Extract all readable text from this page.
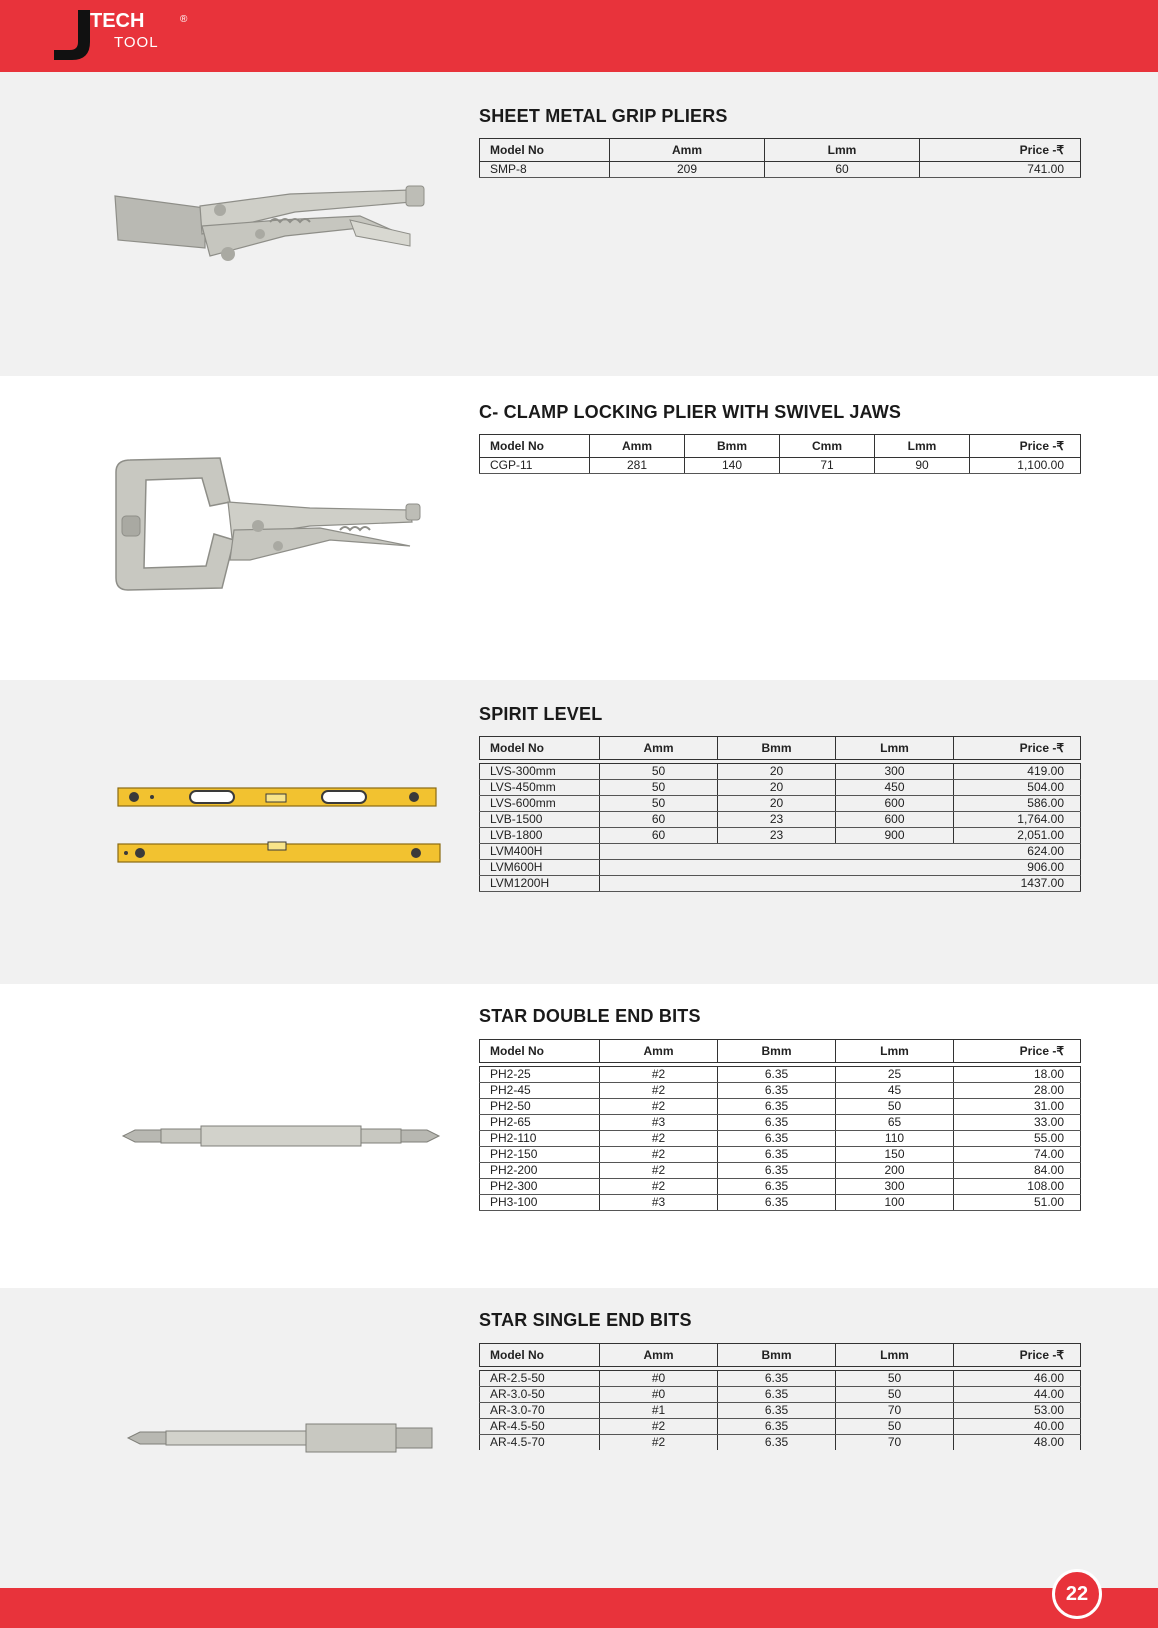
TECH	®
TOOL
SHEET METAL GRIP PLIERS
Model No	Amm	Lmm	Price -₹
SMP-8	209	60	741.00
C- CLAMP LOCKING PLIER WITH SWIVEL JAWS
Model No	Amm	Bmm	Cmm	Lmm	Price -₹
CGP-11	281	140	71	90	1,100.00
SPIRIT LEVEL
Model No	Amm	Bmm	Lmm	Price -₹

LVS-300mm	50	20	300	419.00
LVS-450mm	50	20	450	504.00
LVS-600mm	50	20	600	586.00
LVB-1500	60	23	600	1,764.00
LVB-1800	60	23	900	2,051.00
LVM400H				624.00
LVM600H				906.00
LVM1200H				1437.00
STAR DOUBLE END BITS
Model No	Amm	Bmm	Lmm	Price -₹

PH2-25	#2	6.35	25	18.00
PH2-45	#2	6.35	45	28.00
PH2-50	#2	6.35	50	31.00
PH2-65	#3	6.35	65	33.00
PH2-110	#2	6.35	110	55.00
PH2-150	#2	6.35	150	74.00
PH2-200	#2	6.35	200	84.00
PH2-300	#2	6.35	300	108.00
PH3-100	#3	6.35	100	51.00
STAR SINGLE END BITS
Model No	Amm	Bmm	Lmm	Price -₹

AR-2.5-50	#0	6.35	50	46.00
AR-3.0-50	#0	6.35	50	44.00
AR-3.0-70	#1	6.35	70	53.00
AR-4.5-50	#2	6.35	50	40.00
AR-4.5-70	#2	6.35	70	48.00
22
